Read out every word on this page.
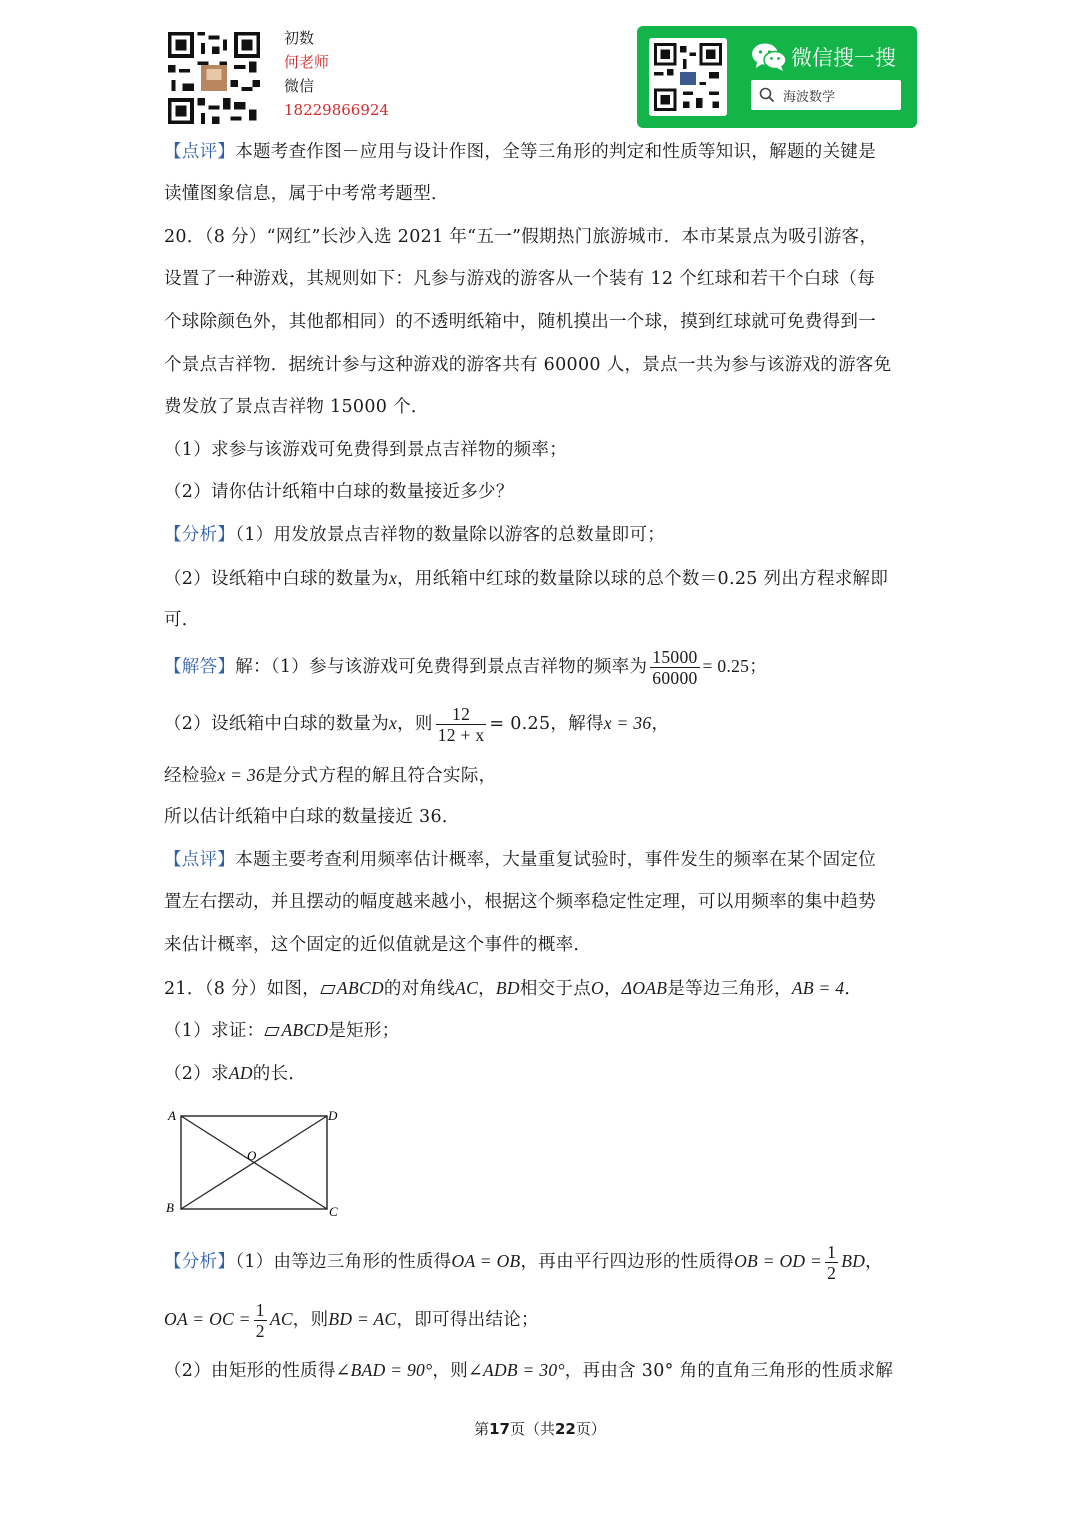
初数
何老师
微信
18229866924
微信搜一搜
海波数学
【点评】本题考查作图－应用与设计作图，全等三角形的判定和性质等知识，解题的关键是
读懂图象信息，属于中考常考题型．
20．（8 分）“网红”长沙入选 2021 年“五一”假期热门旅游城市．本市某景点为吸引游客，
设置了一种游戏，其规则如下：凡参与游戏的游客从一个装有 12 个红球和若干个白球（每
个球除颜色外，其他都相同）的不透明纸箱中，随机摸出一个球，摸到红球就可免费得到一
个景点吉祥物．据统计参与这种游戏的游客共有 60000 人，景点一共为参与该游戏的游客免
费发放了景点吉祥物 15000 个．
（1）求参与该游戏可免费得到景点吉祥物的频率；
（2）请你估计纸箱中白球的数量接近多少？
【分析】（1）用发放景点吉祥物的数量除以游客的总数量即可；
（2）设纸箱中白球的数量为x，用纸箱中红球的数量除以球的总个数＝0.25 列出方程求解即
可．
【解答】解：（1）参与该游戏可免费得到景点吉祥物的频率为 $\frac{15000}{60000} = 0.25$；
（2）设纸箱中白球的数量为x，则 $\frac{12}{12 + x} = 0.25$，解得x = 36，
经检验x = 36是分式方程的解且符合实际，
所以估计纸箱中白球的数量接近 36．
【点评】本题主要考查利用频率估计概率，大量重复试验时，事件发生的频率在某个固定位
置左右摆动，并且摆动的幅度越来越小，根据这个频率稳定性定理，可以用频率的集中趋势
来估计概率，这个固定的近似值就是这个事件的概率．
21．（8 分）如图， ABCD的对角线AC，BD相交于点O，ΔOAB是等边三角形，AB = 4．
（1）求证： ABCD是矩形；
（2）求AD的长．
A	D
B	C
O
【分析】（1）由等边三角形的性质得OA = OB，再由平行四边形的性质得OB = OD = $\frac{1}{2}$ BD，
OA = OC = $\frac{1}{2}$ AC，则BD = AC，即可得出结论；
（2）由矩形的性质得∠BAD = 90°，则∠ADB = 30°，再由含 30° 角的直角三角形的性质求解
第17页（共22页）
